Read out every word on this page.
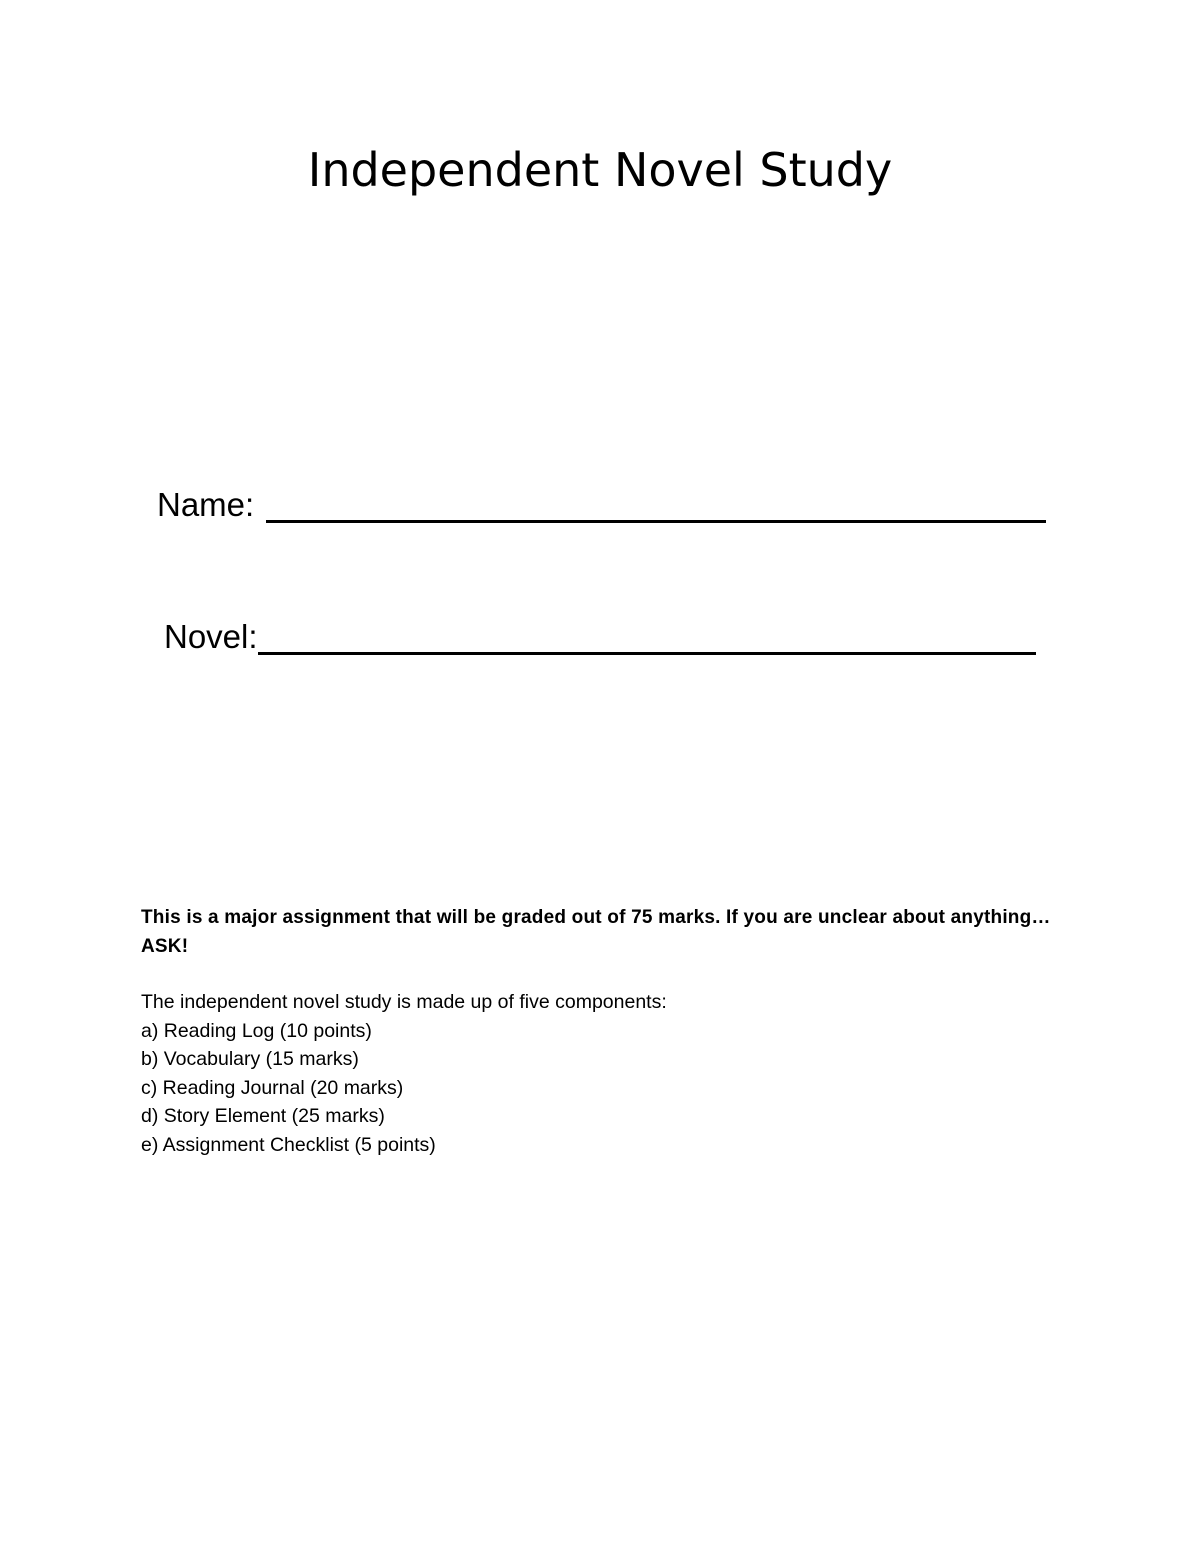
Independent Novel Study
Name:
Novel:

This is a major assignment that will be graded out of 75 marks. If you are unclear about anything…ASK!

The independent novel study is made up of five components:
a) Reading Log (10 points)
b) Vocabulary (15 marks)
c) Reading Journal (20 marks)
d) Story Element (25 marks)
e) Assignment Checklist (5 points)
